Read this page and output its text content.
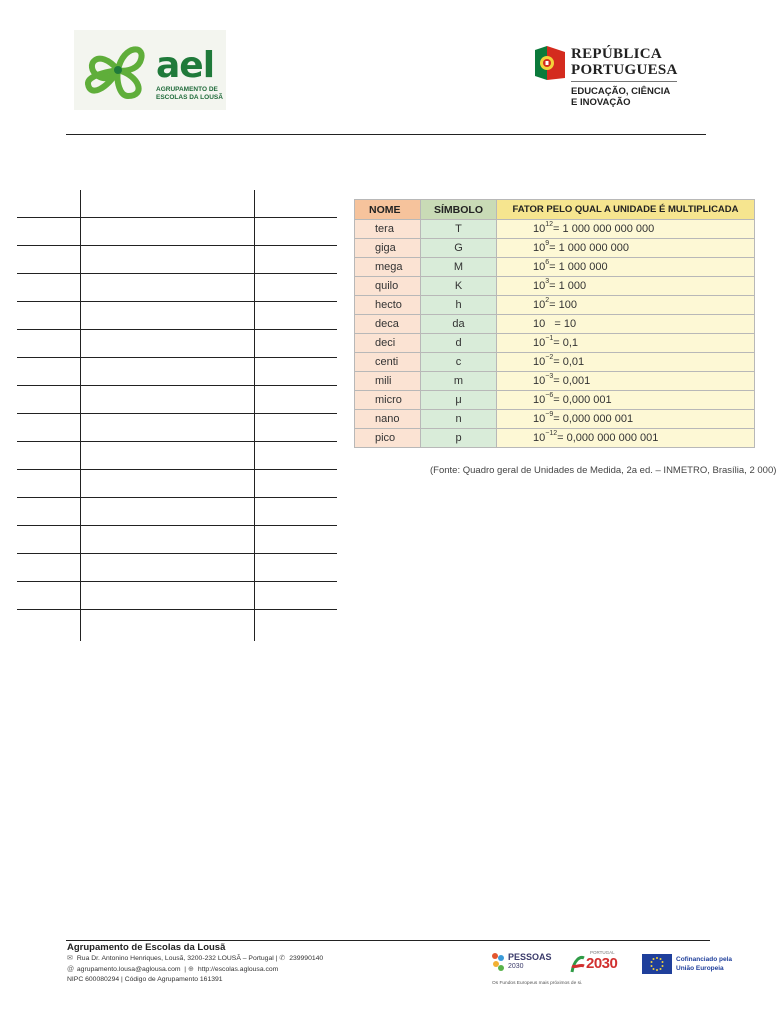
ael
AGRUPAMENTO DE
ESCOLAS DA LOUSÃ
REPÚBLICA
PORTUGUESA
EDUCAÇÃO, CIÊNCIA
E INOVAÇÃO
NOME	SÍMBOLO	FATOR PELO QUAL A UNIDADE É MULTIPLICADA
tera	T	$10^{12}= 1$ 000 000 000 000
giga	G	$10^9= 1$ 000 000 000
mega	M	$10^6= 1$ 000 000
quilo	K	$10^3= 1$ 000
hecto	h	$10^2= 100$
deca	da	10   = 10
deci	d	$10^{-1}= 0,1$
centi	c	$10^{-2}= 0,01$
mili	m	$10^{-3}= 0,001$
micro	μ	$10^{-6}= 0,000$ 001
nano	n	$10^{-9}= 0,000$ 000 001
pico	p	$10^{-12}= 0,000$ 000 000 001
(Fonte: Quadro geral de Unidades de Medida, 2a ed. – INMETRO, Brasília, 2 000)
Agrupamento de Escolas da Lousã
✉ Rua Dr. Antonino Henriques, Lousã, 3200-232 LOUSÃ – Portugal | ✆ 239990140
@ agrupamento.lousa@aglousa.com  | ⊕ http://escolas.aglousa.com
NIPC 600080294 | Código de Agrupamento 161391
PESSOAS
2030
PORTUGAL
2030	Cofinanciado pela
União Europeia
Os Fundos Europeus mais próximos de si.
